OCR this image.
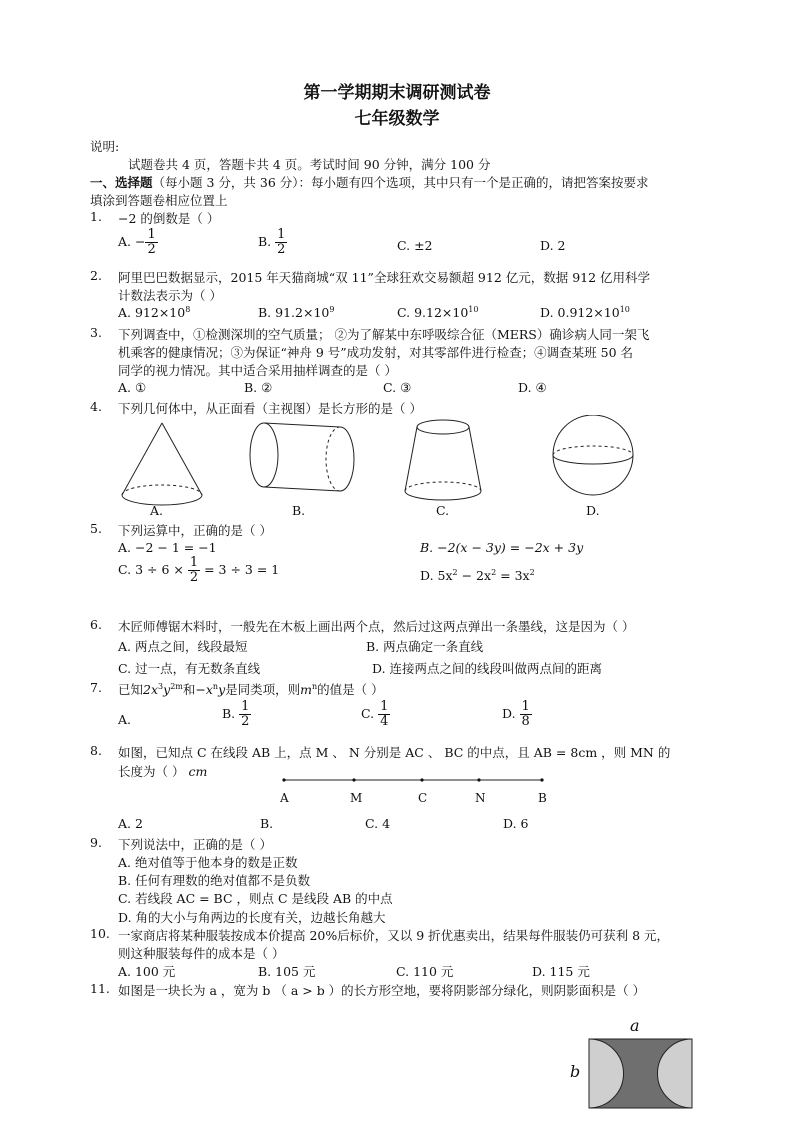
第一学期期末调研测试卷
七年级数学
说明:
试题卷共 4 页，答题卡共 4 页。考试时间 90 分钟，满分 100 分
一、选择题（每小题 3 分，共 36 分）：每小题有四个选项，其中只有一个是正确的，请把答案按要求
填涂到答题卷相应位置上
1. −2 的倒数是（ ）
A. − $\frac{1}{2}$	B. $\frac{1}{2}$	C. ±2	D. 2
2. 阿里巴巴数据显示，2015 年天猫商城“双 11”全球狂欢交易额超 912 亿元，数据 912 亿用科学
计数法表示为（ ）
A. $912\times 10^8$	B. $91.2\times 10^9$	C. $9.12\times 10^{10}$	D. $0.912\times 10^{10}$
3. 下列调查中，①检测深圳的空气质量； ②为了解某中东呼吸综合征（MERS）确诊病人同一架飞
机乘客的健康情况；③为保证“神舟 9 号”成功发射，对其零部件进行检查；④调查某班 50 名
同学的视力情况。其中适合采用抽样调查的是（ ）
A. ①	B. ②	C. ③	D. ④
4. 下列几何体中，从正面看（主视图）是长方形的是（ ）
A.	B.	C.	D.
5. 下列运算中，正确的是（ ）
A. −2 − 1 = −1	B. −2(x − 3y) = −2x + 3y
C. $3 \div 6 \times \frac{1}{2} = 3 \div 3 = 1$	D. $5x^2 - 2x^2 = 3x^2$
6. 木匠师傅锯木料时，一般先在木板上画出两个点，然后过这两点弹出一条墨线，这是因为（ ）
A. 两点之间，线段最短	B. 两点确定一条直线
C. 过一点，有无数条直线	D. 连接两点之间的线段叫做两点间的距离
7. 已知$2x^3y^{2m}$和$-x^ny$是同类项，则$m^n$的值是（ ）
A.	B. $\frac{1}{2}$	C. $\frac{1}{4}$	D. $\frac{1}{8}$
8. 如图，已知点 C 在线段 AB 上，点 M 、 N 分别是 AC 、 BC 的中点，且 AB = 8cm ，则 MN 的
长度为（ ） cm
A	M	C	N	B
A. 2	B.	C. 4	D. 6
9. 下列说法中，正确的是（ ）
A. 绝对值等于他本身的数是正数
B. 任何有理数的绝对值都不是负数
C. 若线段 AC = BC ，则点 C 是线段 AB 的中点
D. 角的大小与角两边的长度有关，边越长角越大
10. 一家商店将某种服装按成本价提高 20%后标价，又以 9 折优惠卖出，结果每件服装仍可获利 8 元，
则这种服装每件的成本是（ ）
A. 100 元	B. 105 元	C. 110 元	D. 115 元
11. 如图是一块长为 a ，宽为 b （ a > b ）的长方形空地，要将阴影部分绿化，则阴影面积是（ ）
a
b
